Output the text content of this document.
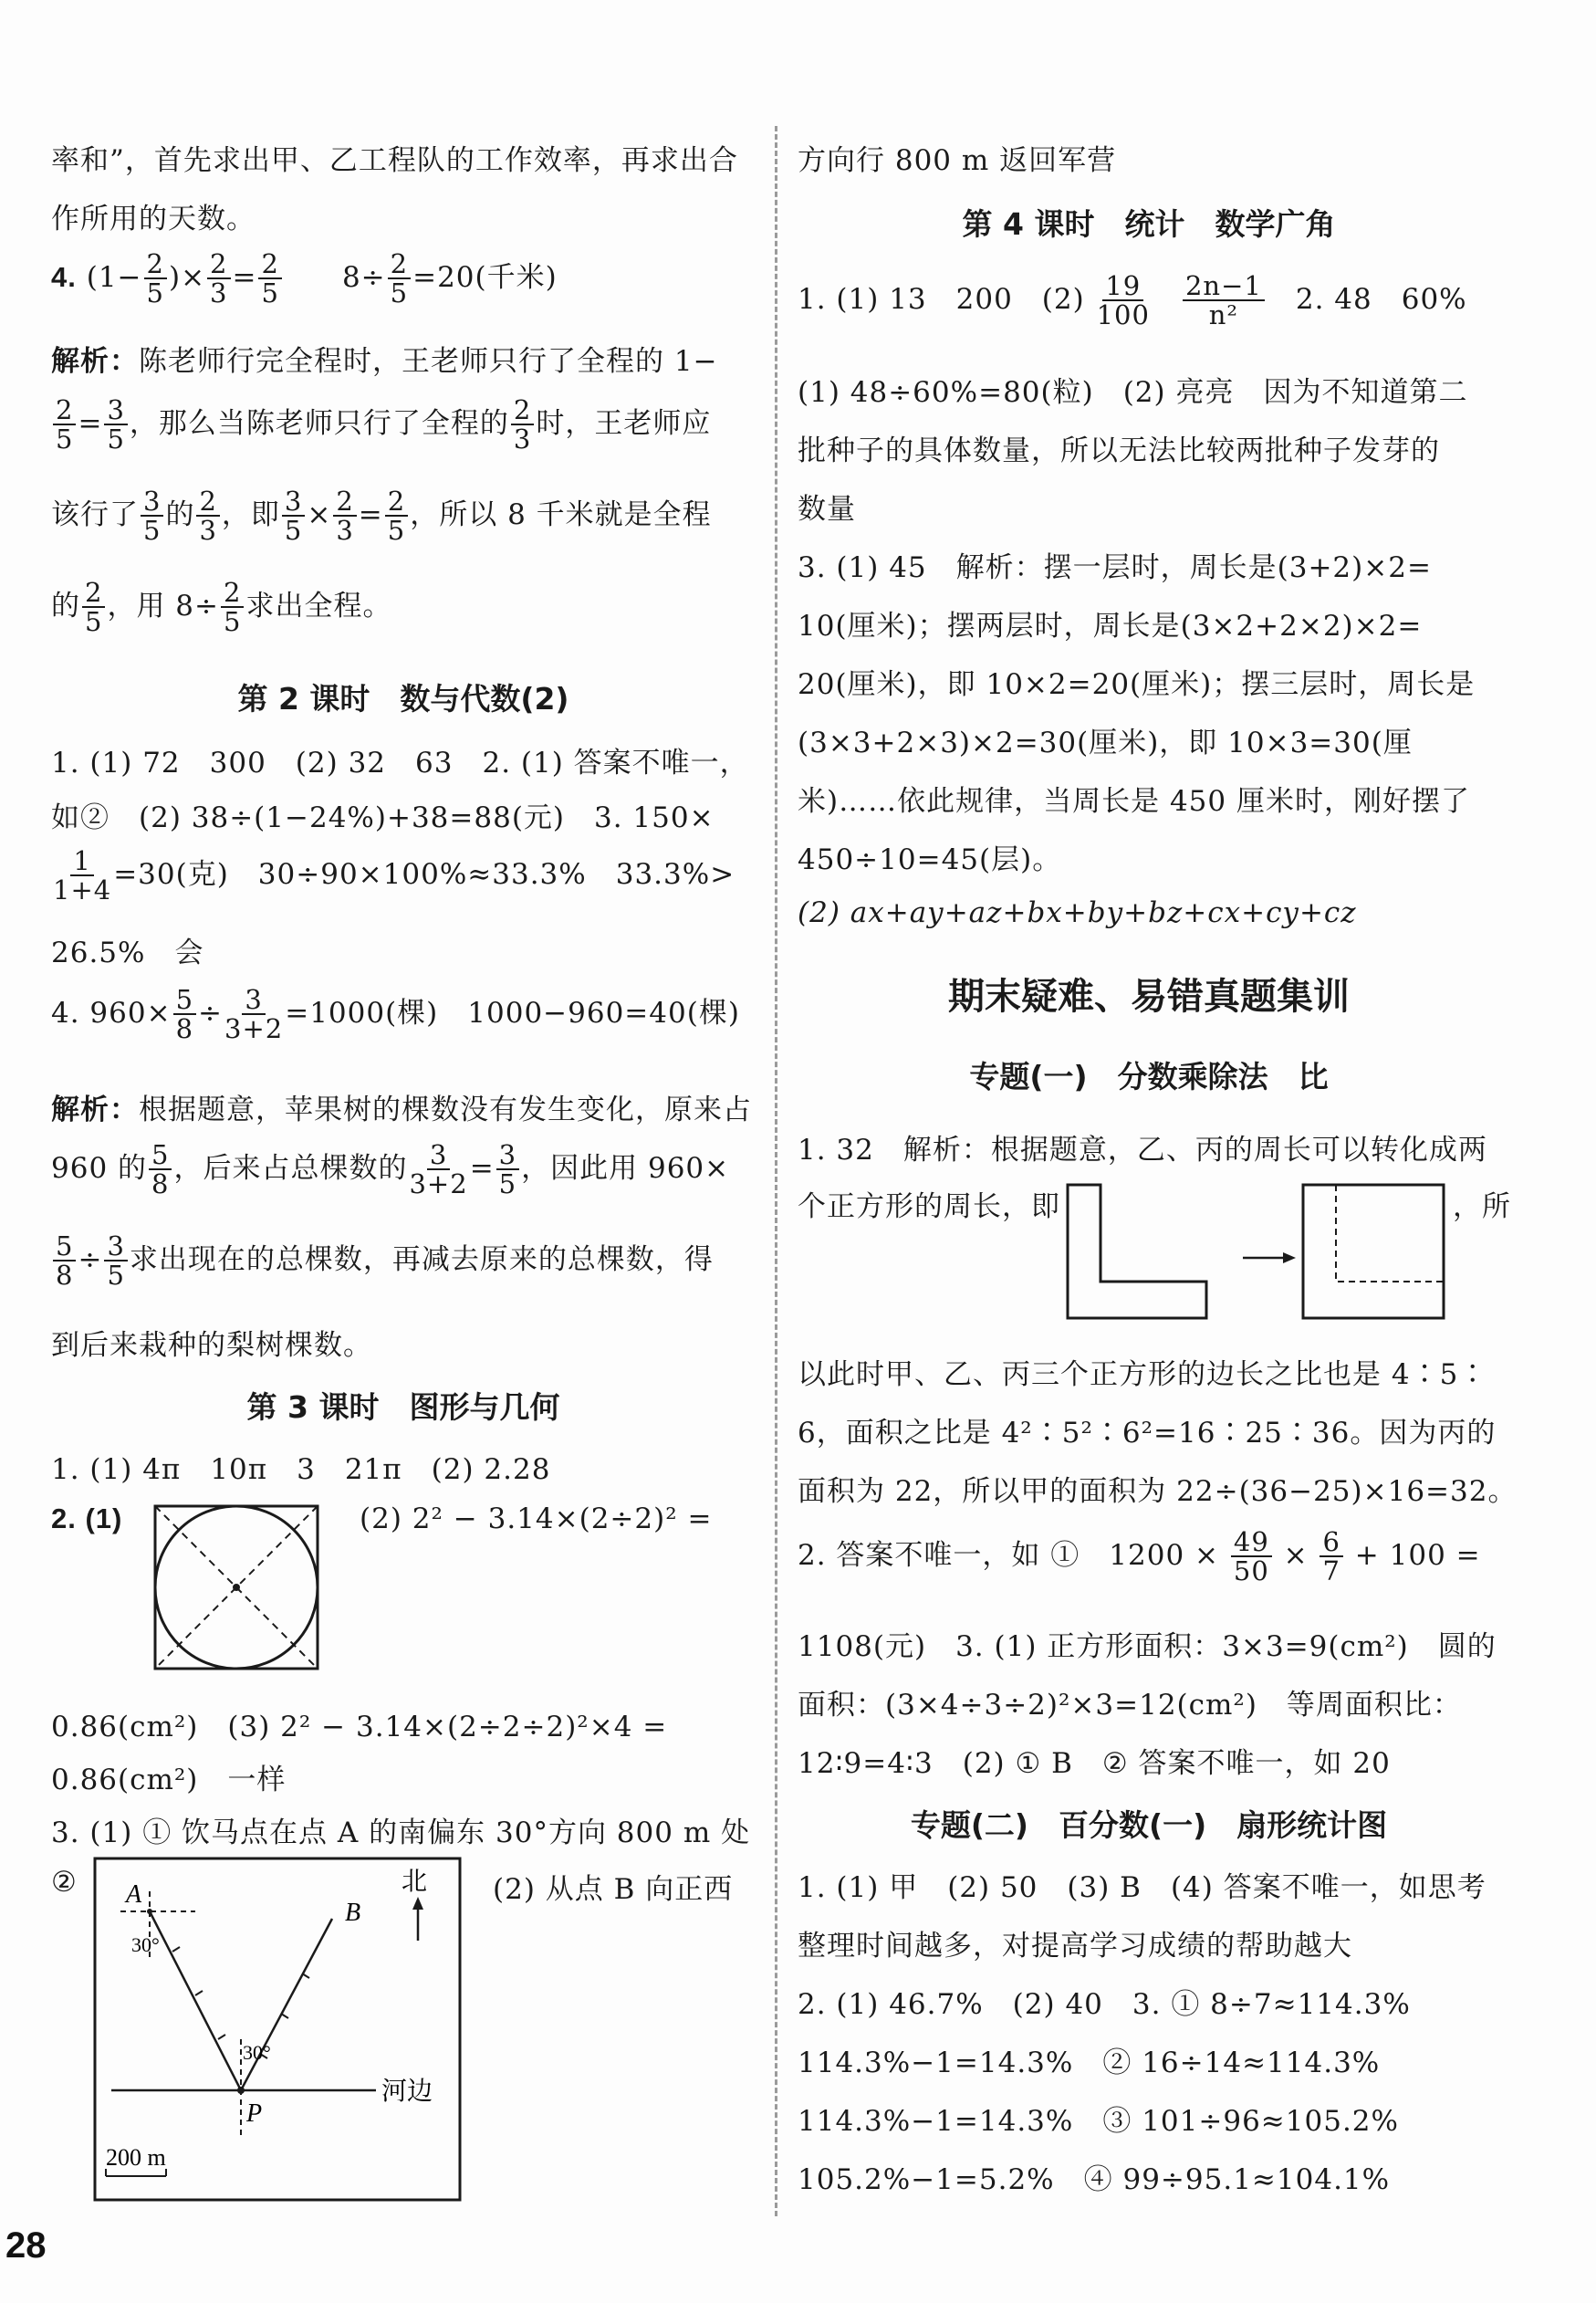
率和”，首先求出甲、乙工程队的工作效率，再求出合
作所用的天数。
4. ($1- \frac{2}{5}$ )× $\frac{2}{3} = \frac{2}{5}$
　　 $8\div \frac{2}{5} =20$(千米)
解析：陈老师行完全程时，王老师只行了全程的 1−
$\frac{2}{5} = \frac{3}{5}$ ，那么当陈老师只行了全程的 $\frac{2}{3}$ 时，王老师应
该行了 $\frac{3}{5}$ 的 $\frac{2}{3}$ ，即 $\frac{3}{5} \times \frac{2}{3} = \frac{2}{5}$ ，所以 8 千米就是全程
的 $\frac{2}{5}$ ，用 $8\div \frac{2}{5}$ 求出全程。
第 2 课时　数与代数(2)
1. (1) 72　300　(2) 32　63　2. (1) 答案不唯一，
如②　(2) 38÷(1−24%)+38=88(元)　3. 150×
$\frac{1}{1+4} =30$(克)　30÷90×100%≈33.3%　33.3%>
26.5%　会
4. $960\times \frac{5}{8} \div \frac{3}{3+2} =1000$(棵)　1000−960=40(棵)
解析：根据题意，苹果树的棵数没有发生变化，原来占
960 的 $\frac{5}{8}$ ，后来占总棵数的 $\frac{3}{3+2} = \frac{3}{5}$ ，因此用 960×
$\frac{5}{8} \div \frac{3}{5}$ 求出现在的总棵数，再减去原来的总棵数，得
到后来栽种的梨树棵数。
第 3 课时　图形与几何
1. (1) 4π　10π　3　21π　(2) 2.28
2. (1)	(2) 2² − 3.14×(2÷2)² =
0.86(cm²)　(3) 2² − 3.14×(2÷2÷2)²×4 =
0.86(cm²)　一样
3. (1) ① 饮马点在点 A 的南偏东 30°方向 800 m 处
② A
B
P
30°
30°
北
河边
200 m
(2) 从点 B 向正西
方向行 800 m 返回军营
第 4 课时　统计　数学广角
1. (1) 13　200　$(2) \frac{19}{100}$
　 $\frac{2n-1}{\text{n²}}$
　 2. 48　60%
(1) 48÷60%=80(粒)　(2) 亮亮　因为不知道第二
批种子的具体数量，所以无法比较两批种子发芽的
数量
3. (1) 45　解析：摆一层时，周长是(3+2)×2=
10(厘米)；摆两层时，周长是(3×2+2×2)×2=
20(厘米)，即 10×2=20(厘米)；摆三层时，周长是
(3×3+2×3)×2=30(厘米)，即 10×3=30(厘
米)……依此规律，当周长是 450 厘米时，刚好摆了
450÷10=45(层)。
(2) ax+ay+az+bx+by+bz+cx+cy+cz
期末疑难、易错真题集训
专题(一)　分数乘除法　比
1. 32　解析：根据题意，乙、丙的周长可以转化成两
个正方形的周长，即	，所
以此时甲、乙、丙三个正方形的边长之比也是 4∶5∶
6，面积之比是 4²∶5²∶6²=16∶25∶36。因为丙的
面积为 22，所以甲的面积为 22÷(36−25)×16=32。
2. 答案不唯一，如 ①　$1200 \times \frac{49}{50} \times \frac{6}{7} + 100$ =
1108(元)　3. (1) 正方形面积：3×3=9(cm²)　圆的
面积：(3×4÷3÷2)²×3=12(cm²)　等周面积比：
12∶9=4∶3　(2) ① B　② 答案不唯一，如 20
专题(二)　百分数(一)　扇形统计图
1. (1) 甲　(2) 50　(3) B　(4) 答案不唯一，如思考
整理时间越多，对提高学习成绩的帮助越大
2. (1) 46.7%　(2) 40　3. ① 8÷7≈114.3%
114.3%−1=14.3%　② 16÷14≈114.3%
114.3%−1=14.3%　③ 101÷96≈105.2%
105.2%−1=5.2%　④ 99÷95.1≈104.1%
28
